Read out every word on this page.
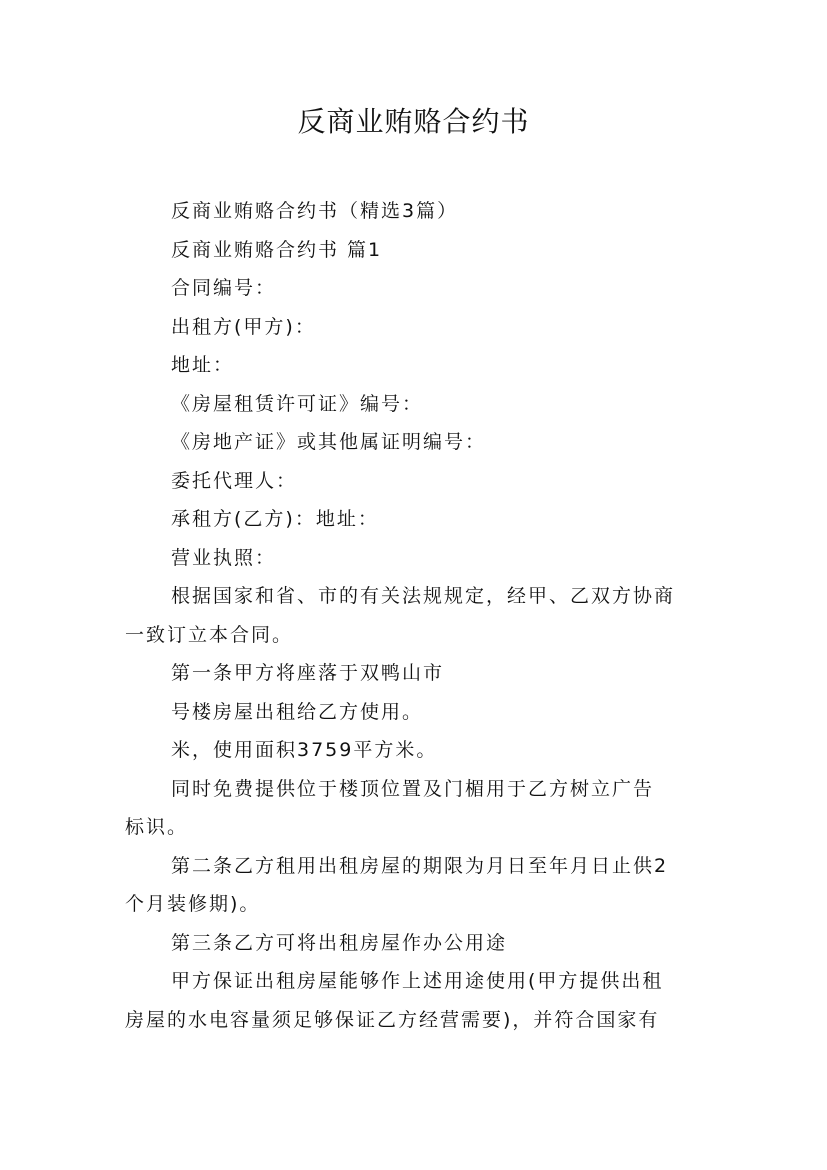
反商业贿赂合约书

反商业贿赂合约书（精选3篇）

反商业贿赂合约书 篇1

合同编号：

出租方(甲方)：

地址：

《房屋租赁许可证》编号：

《房地产证》或其他属证明编号：

委托代理人：

承租方(乙方)：地址：

营业执照：

根据国家和省、市的有关法规规定，经甲、乙双方协商

一致订立本合同。

第一条甲方将座落于双鸭山市

号楼房屋出租给乙方使用。

米，使用面积3759平方米。

同时免费提供位于楼顶位置及门楣用于乙方树立广告

标识。

第二条乙方租用出租房屋的期限为月日至年月日止供2

个月装修期)。

第三条乙方可将出租房屋作办公用途

甲方保证出租房屋能够作上述用途使用(甲方提供出租

房屋的水电容量须足够保证乙方经营需要)，并符合国家有
